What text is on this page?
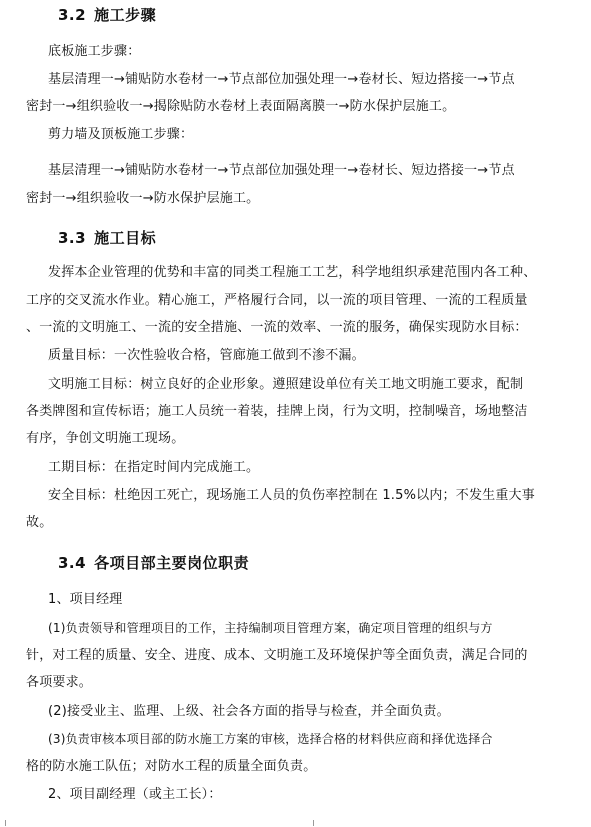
3.2 施工步骤
底板施工步骤：
基层清理一→铺贴防水卷材一→节点部位加强处理一→卷材长、短边搭接一→节点
密封一→组织验收一→揭除贴防水卷材上表面隔离膜一→防水保护层施工。
剪力墙及顶板施工步骤：
基层清理一→铺贴防水卷材一→节点部位加强处理一→卷材长、短边搭接一→节点
密封一→组织验收一→防水保护层施工。
3.3 施工目标
发挥本企业管理的优势和丰富的同类工程施工工艺，科学地组织承建范围内各工种、
工序的交叉流水作业。精心施工，严格履行合同，以一流的项目管理、一流的工程质量
、一流的文明施工、一流的安全措施、一流的效率、一流的服务，确保实现防水目标：
质量目标：一次性验收合格，管廊施工做到不渗不漏。
文明施工目标：树立良好的企业形象。遵照建设单位有关工地文明施工要求，配制
各类牌图和宣传标语；施工人员统一着装，挂牌上岗，行为文明，控制噪音，场地整洁
有序，争创文明施工现场。
工期目标：在指定时间内完成施工。
安全目标：杜绝因工死亡，现场施工人员的负伤率控制在 1.5%以内；不发生重大事
故。
3.4 各项目部主要岗位职责
1、项目经理
(1)负责领导和管理项目的工作，主持编制项目管理方案，确定项目管理的组织与方
针，对工程的质量、安全、进度、成本、文明施工及环境保护等全面负责，满足合同的
各项要求。
(2)接受业主、监理、上级、社会各方面的指导与检查，并全面负责。
(3)负责审核本项目部的防水施工方案的审核，选择合格的材料供应商和择优选择合
格的防水施工队伍；对防水工程的质量全面负责。
2、项目副经理（或主工长）：
